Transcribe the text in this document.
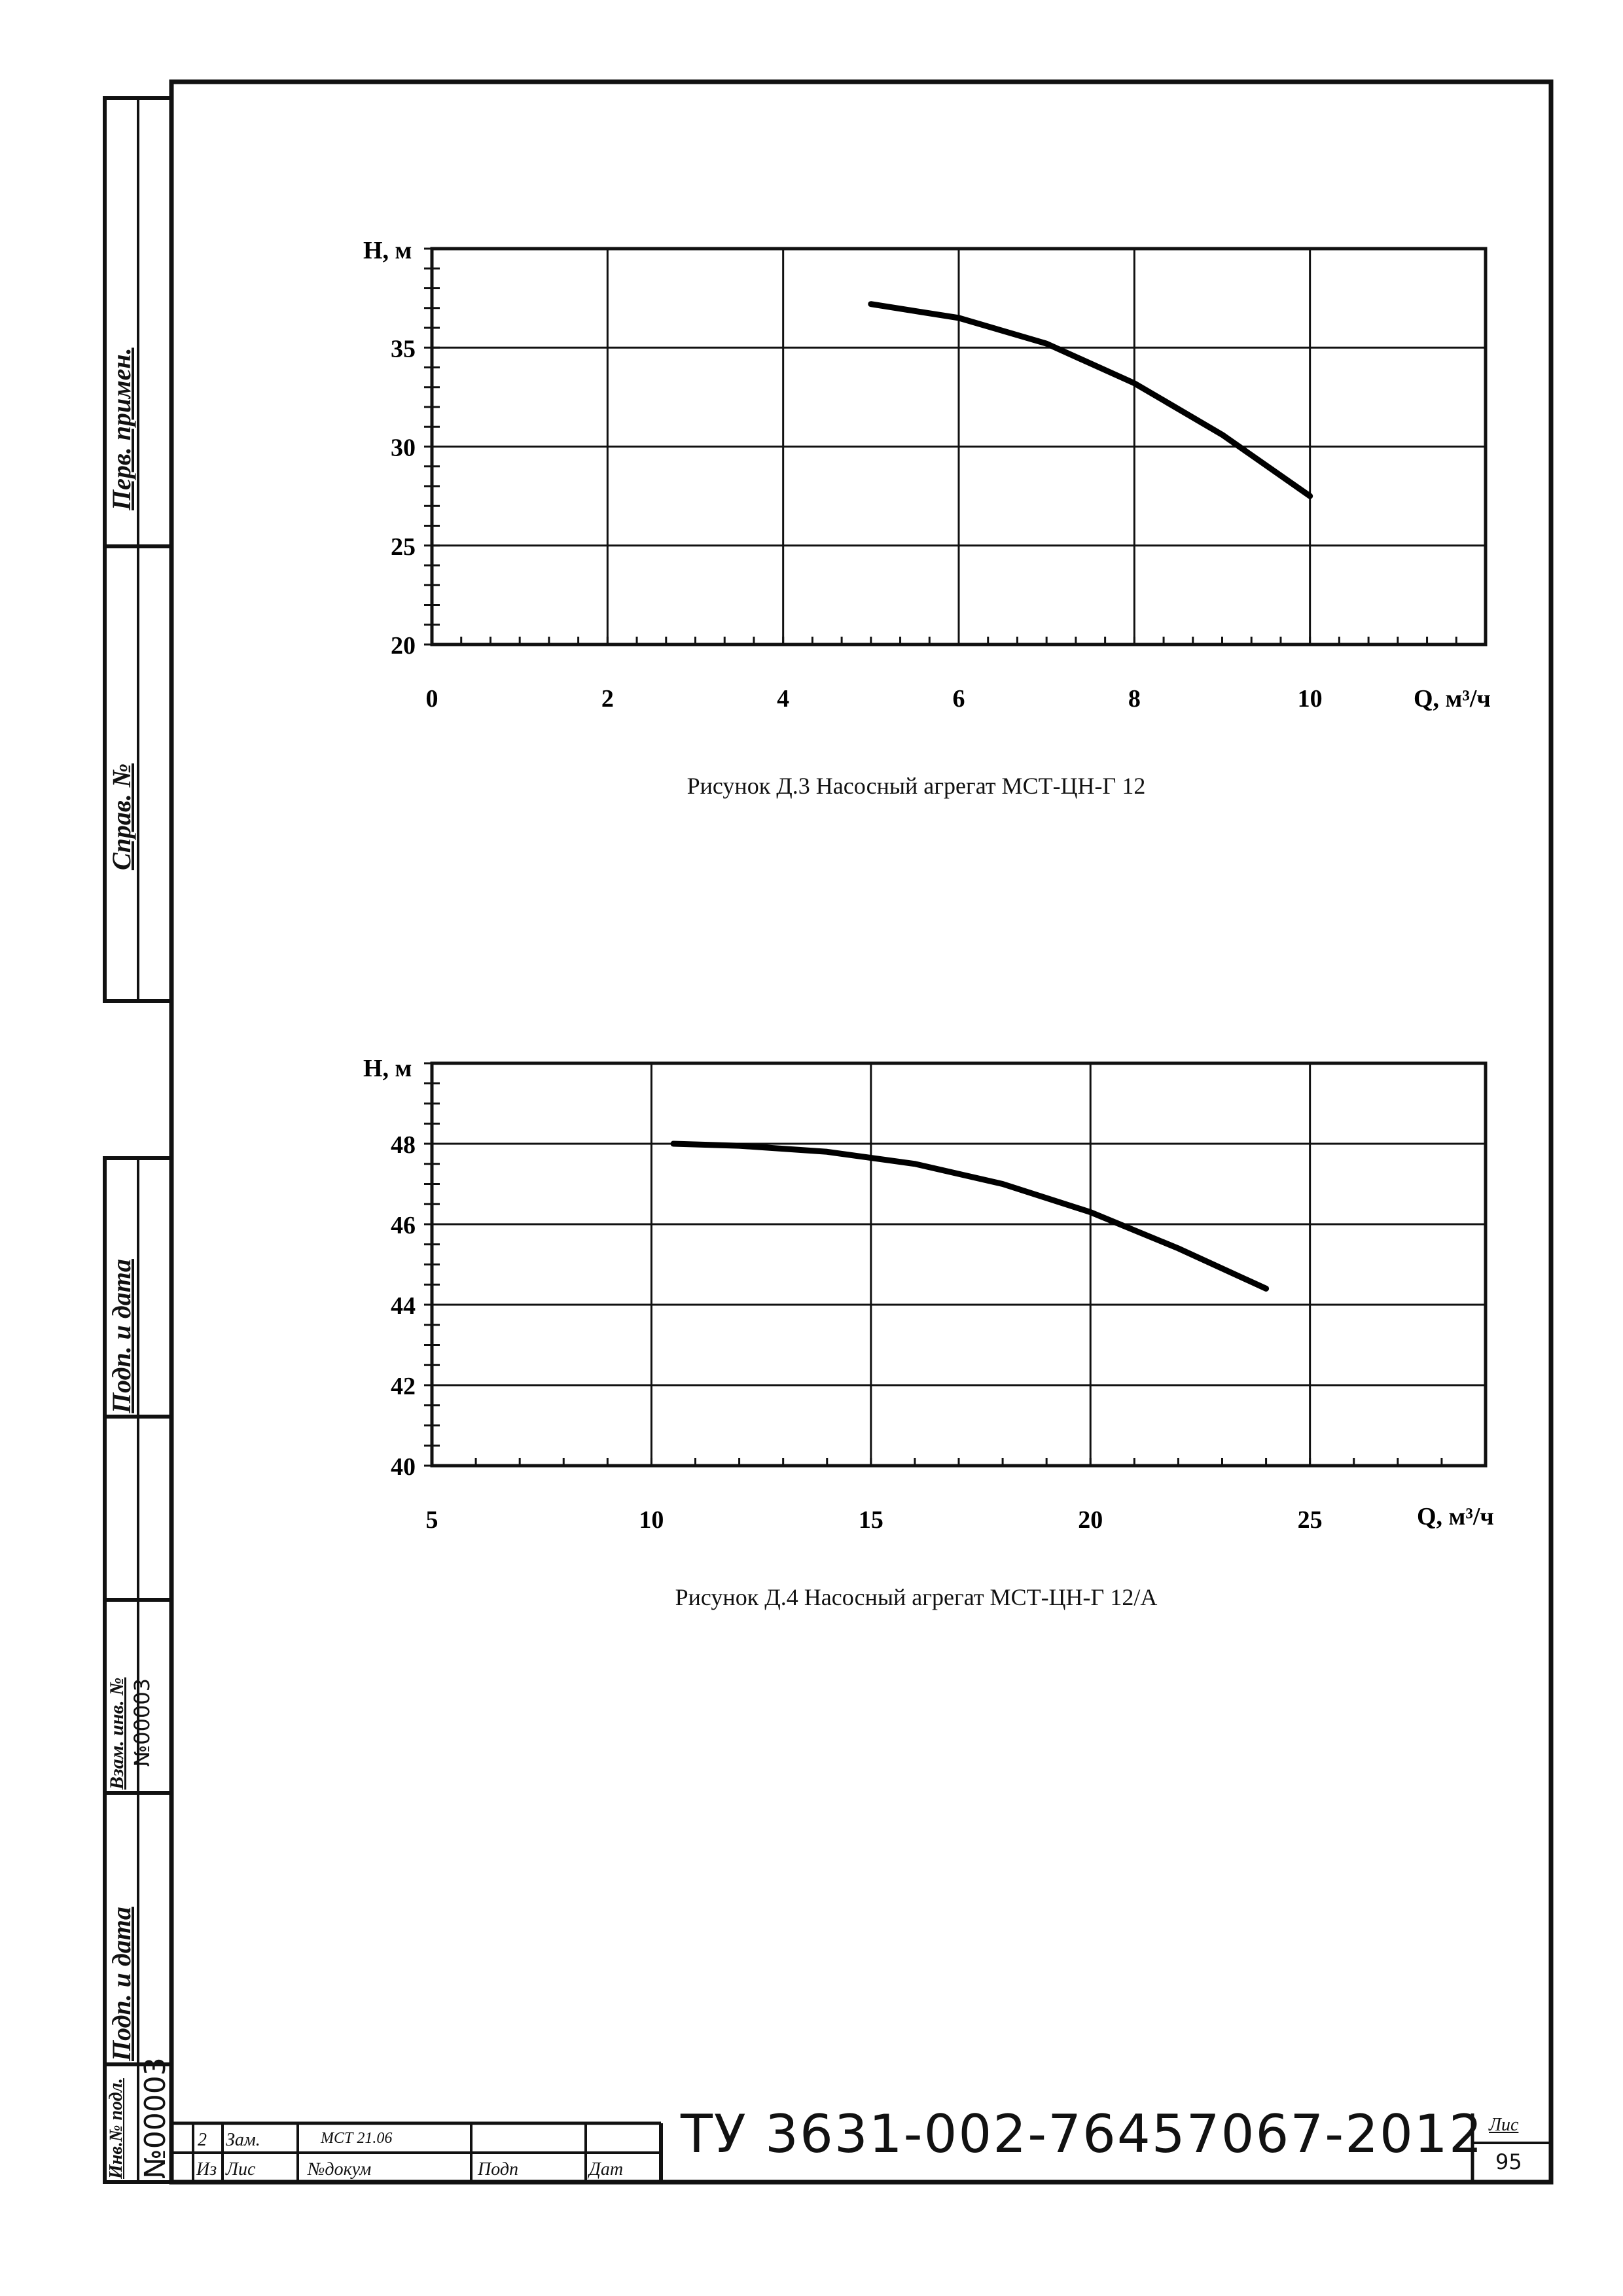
0	2	4	6	8	10
20
25
30
35
Н, м
Q, м³/ч
5	10	15	20	25
40
42
44
46
48
Н, м
Q, м³/ч
Рисунок Д.3 Насосный агрегат МСТ-ЦН-Г 12
Рисунок Д.4 Насосный агрегат МСТ-ЦН-Г 12/А
Перв. примен.
Справ. №
Подп. и дата
Взам. инв. № №00003
Подп. и дата
Инв.№ подл. №00003 2 Зам.	МСТ 21.06
Из Лис	№докум	Подп	Дат
ТУ 3631-002-76457067-2012 Лис
95
